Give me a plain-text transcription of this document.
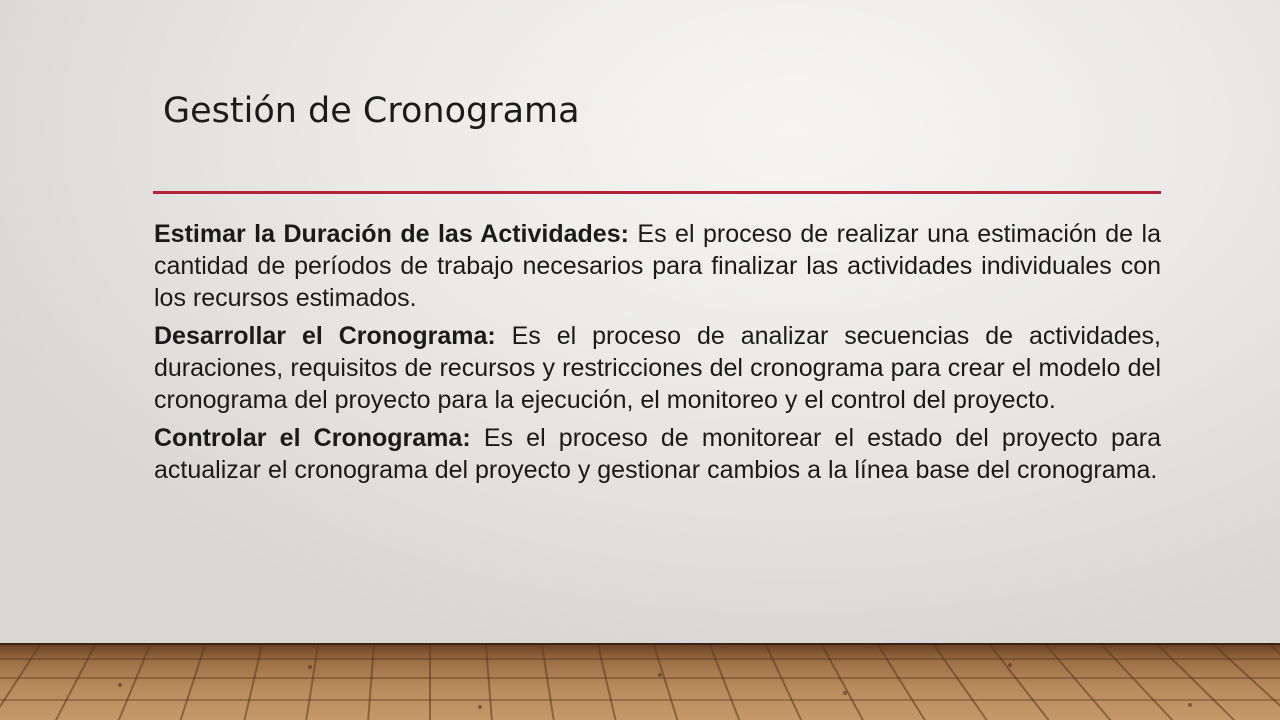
Gestión de Cronograma

Estimar la Duración de las Actividades: Es el proceso de realizar una estimación de la cantidad de períodos de trabajo necesarios para finalizar las actividades individuales con los recursos estimados.

Desarrollar el Cronograma: Es el proceso de analizar secuencias de actividades, duraciones, requisitos de recursos y restricciones del cronograma para crear el modelo del cronograma del proyecto para la ejecución, el monitoreo y el control del proyecto.

Controlar el Cronograma: Es el proceso de monitorear el estado del proyecto para actualizar el cronograma del proyecto y gestionar cambios a la línea base del cronograma.
